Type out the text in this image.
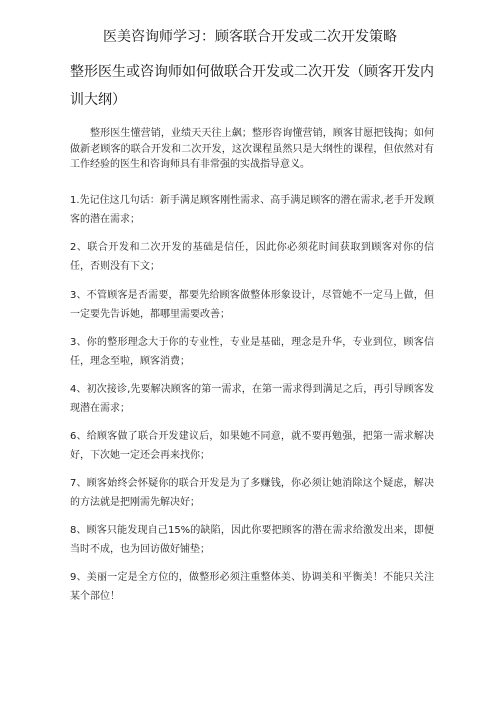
医美咨询师学习：顾客联合开发或二次开发策略
整形医生或咨询师如何做联合开发或二次开发（顾客开发内训大纲）
整形医生懂营销，业绩天天往上飙；整形咨询懂营销，顾客甘愿把钱掏；如何做新老顾客的联合开发和二次开发，这次课程虽然只是大纲性的课程，但依然对有工作经验的医生和咨询师具有非常强的实战指导意义。
1.先记住这几句话：新手满足顾客刚性需求、高手满足顾客的潜在需求,老手开发顾客的潜在需求；
2、联合开发和二次开发的基础是信任，因此你必须花时间获取到顾客对你的信任，否则没有下文；
3、不管顾客是否需要，都要先给顾客做整体形象设计，尽管她不一定马上做，但一定要先告诉她，都哪里需要改善；
3、你的整形理念大于你的专业性，专业是基础，理念是升华，专业到位，顾客信任，理念至啦，顾客消费；
4、初次接诊,先要解决顾客的第一需求，在第一需求得到满足之后，再引导顾客发现潜在需求；
6、给顾客做了联合开发建议后，如果她不同意，就不要再勉强，把第一需求解决好，下次她一定还会再来找你；
7、顾客始终会怀疑你的联合开发是为了多赚钱，你必须让她消除这个疑虑，解决的方法就是把刚需先解决好；
8、顾客只能发现自己15%的缺陷，因此你要把顾客的潜在需求给激发出来，即便当时不成，也为回访做好铺垫；
9、美丽一定是全方位的，做整形必须注重整体美、协调美和平衡美！不能只关注某个部位！
